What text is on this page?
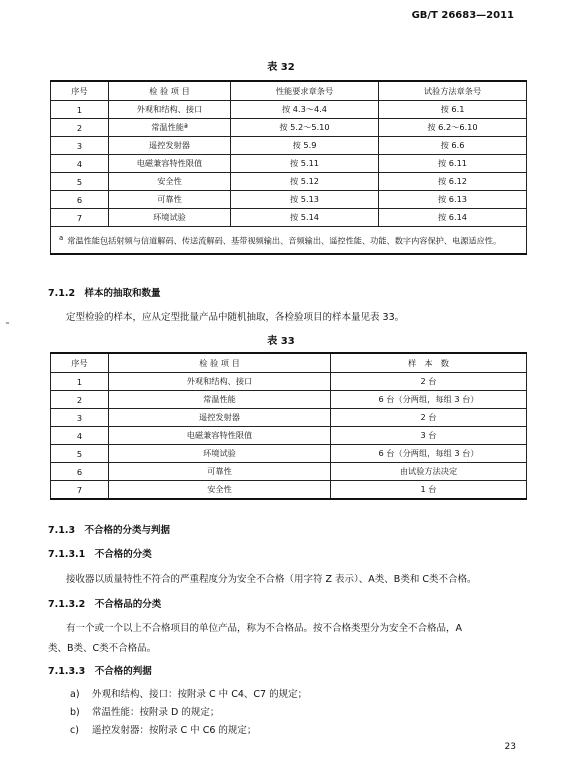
GB/T 26683—2011
表 32
序号	检 验 项 目	性能要求章条号	试验方法章条号
1	外观和结构、接口	按 4.3～4.4	按 6.1
2	常温性能ª	按 5.2～5.10	按 6.2～6.10
3	遥控发射器	按 5.9	按 6.6
4	电磁兼容特性限值	按 5.11	按 6.11
5	安全性	按 5.12	按 6.12
6	可靠性	按 5.13	按 6.13
7	环境试验	按 5.14	按 6.14
$^a$ 常温性能包括射频与信道解码、传送流解码、基带视频输出、音频输出、遥控性能、功能、数字内容保护、电源适应性。			
7.1.2　样本的抽取和数量
定型检验的样本，应从定型批量产品中随机抽取，各检验项目的样本量见表 33。
表 33
序号	检 验 项 目	样　本　数
1	外观和结构、接口	2 台
2	常温性能	6 台（分两组，每组 3 台）
3	遥控发射器	2 台
4	电磁兼容特性限值	3 台
5	环境试验	6 台（分两组，每组 3 台）
6	可靠性	由试验方法决定
7	安全性	1 台
7.1.3　不合格的分类与判据
7.1.3.1　不合格的分类
接收器以质量特性不符合的严重程度分为安全不合格（用字符 Z 表示）、A类、B类和 C类不合格。
7.1.3.2　不合格品的分类
有一个或一个以上不合格项目的单位产品，称为不合格品。按不合格类型分为安全不合格品，A
类、B类、C类不合格品。
7.1.3.3　不合格的判据
a) 外观和结构、接口：按附录 C 中 C4、C7 的规定；
b) 常温性能：按附录 D 的规定；
c) 遥控发射器：按附录 C 中 C6 的规定；
23
